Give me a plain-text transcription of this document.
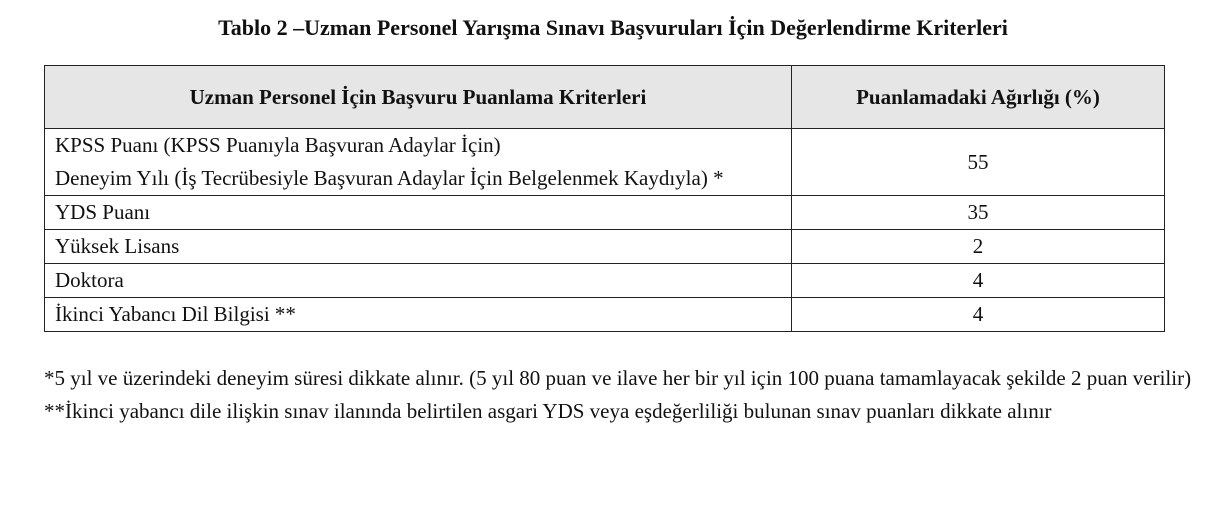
Tablo 2 –Uzman Personel Yarışma Sınavı Başvuruları İçin Değerlendirme Kriterleri
Uzman Personel İçin Başvuru Puanlama Kriterleri	Puanlamadaki Ağırlığı (%)
KPSS Puanı (KPSS Puanıyla Başvuran Adaylar İçin)	55
Deneyim Yılı (İş Tecrübesiyle Başvuran Adaylar İçin Belgelenmek Kaydıyla) *	
YDS Puanı	35
Yüksek Lisans	2
Doktora	4
İkinci Yabancı Dil Bilgisi **	4

*5 yıl ve üzerindeki deneyim süresi dikkate alınır. (5 yıl 80 puan ve ilave her bir yıl için 100 puana tamamlayacak şekilde 2 puan verilir)

**İkinci yabancı dile ilişkin sınav ilanında belirtilen asgari YDS veya eşdeğerliliği bulunan sınav puanları dikkate alınır
